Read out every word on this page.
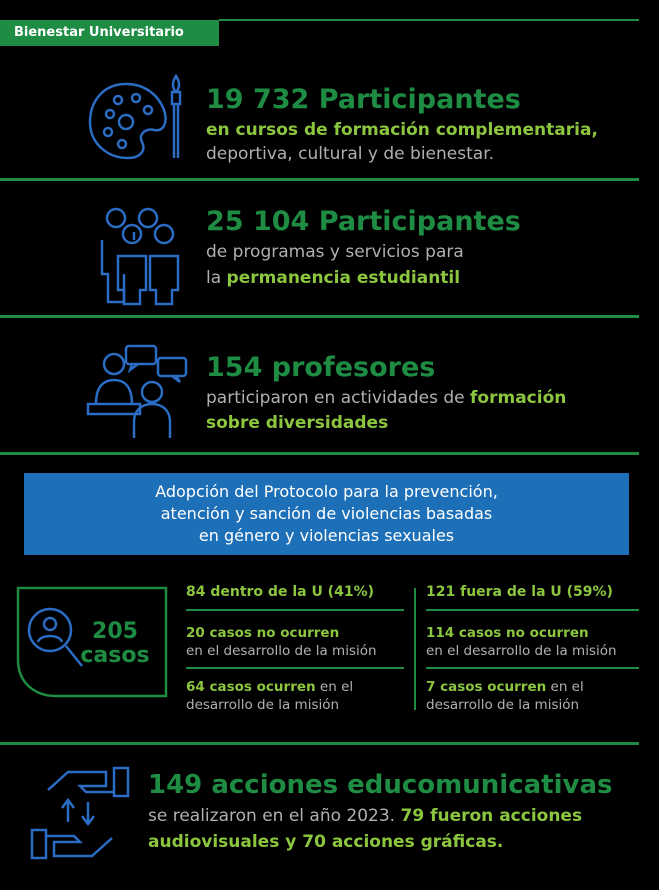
Bienestar Universitario
19 732 Participantes
en cursos de formación complementaria,
deportiva, cultural y de bienestar.
25 104 Participantes
de programas y servicios para
la permanencia estudiantil
154 profesores
participaron en actividades de formación
sobre diversidades
Adopción del Protocolo para la prevención,
atención y sanción de violencias basadas
en género y violencias sexuales
205
casos
84 dentro de la U (41%)
20 casos no ocurren
en el desarrollo de la misión
64 casos ocurren en el
desarrollo de la misión
121 fuera de la U (59%)
114 casos no ocurren
en el desarrollo de la misión
7 casos ocurren en el
desarrollo de la misión
149 acciones educomunicativas
se realizaron en el año 2023. 79 fueron acciones
audiovisuales y 70 acciones gráficas.
